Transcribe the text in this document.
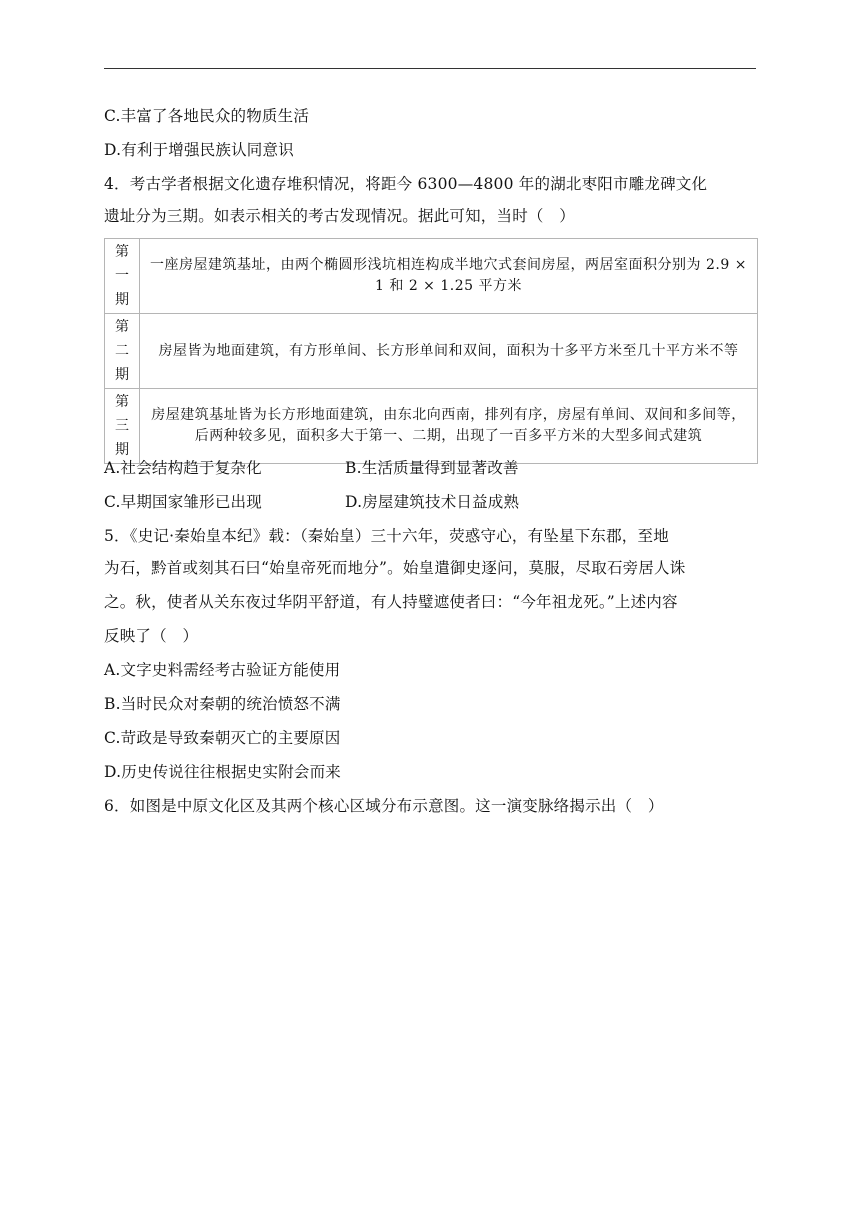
C.丰富了各地民众的物质生活
D.有利于增强民族认同意识
4．考古学者根据文化遗存堆积情况，将距今 6300—4800 年的湖北枣阳市雕龙碑文化
遗址分为三期。如表示相关的考古发现情况。据此可知，当时（　）
第
一
期	一座房屋建筑基址，由两个椭圆形浅坑相连构成半地穴式套间房屋，两居室面积分别为 2.9 × 1 和 2 × 1.25 平方米

第
二
期	房屋皆为地面建筑，有方形单间、长方形单间和双间，面积为十多平方米至几十平方米不等

第
三
期	房屋建筑基址皆为长方形地面建筑，由东北向西南，排列有序，房屋有单间、双间和多间等，后两种较多见，面积多大于第一、二期，出现了一百多平方米的大型多间式建筑
A.社会结构趋于复杂化	B.生活质量得到显著改善
C.早期国家雏形已出现	D.房屋建筑技术日益成熟
5．《史记·秦始皇本纪》载：（秦始皇）三十六年，荧惑守心，有坠星下东郡，至地
为石，黔首或刻其石曰“始皇帝死而地分”。始皇遣御史逐问，莫服，尽取石旁居人诛
之。秋，使者从关东夜过华阴平舒道，有人持璧遮使者曰：“今年祖龙死。”上述内容
反映了（　）
A.文字史料需经考古验证方能使用
B.当时民众对秦朝的统治愤怒不满
C.苛政是导致秦朝灭亡的主要原因
D.历史传说往往根据史实附会而来
6．如图是中原文化区及其两个核心区域分布示意图。这一演变脉络揭示出（　）
